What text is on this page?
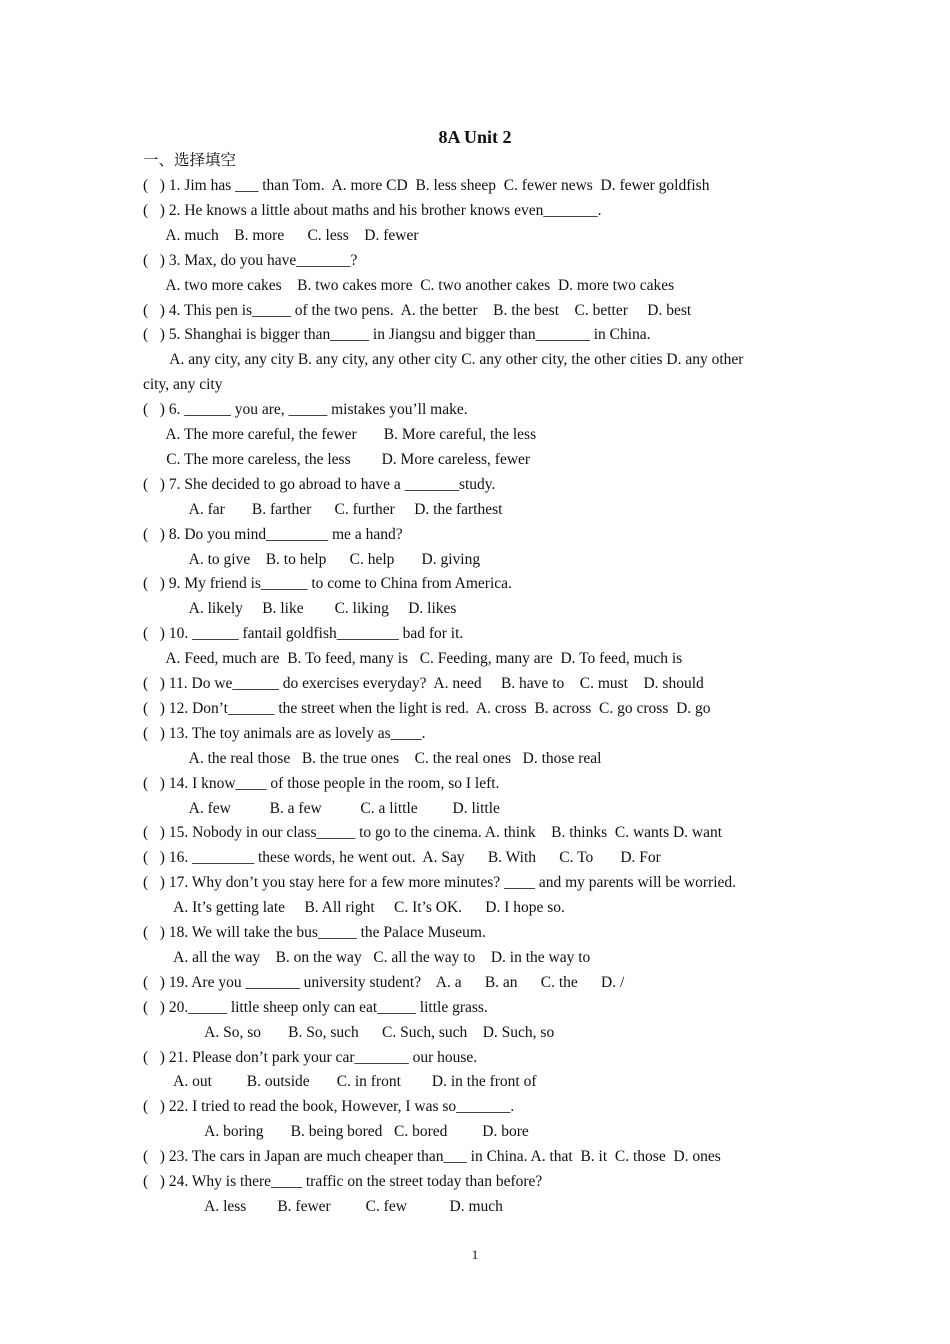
8A Unit 2
一、选择填空
(   ) 1. Jim has ___ than Tom.  A. more CD  B. less sheep  C. fewer news  D. fewer goldfish
(   ) 2. He knows a little about maths and his brother knows even_______.
A. much    B. more      C. less    D. fewer
(   ) 3. Max, do you have_______?
A. two more cakes    B. two cakes more  C. two another cakes  D. more two cakes
(   ) 4. This pen is_____ of the two pens.  A. the better    B. the best    C. better     D. best
(   ) 5. Shanghai is bigger than_____ in Jiangsu and bigger than_______ in China.
A. any city, any city B. any city, any other city C. any other city, the other cities D. any other
city, any city
(   ) 6. ______ you are, _____ mistakes you’ll make.
A. The more careful, the fewer       B. More careful, the less
C. The more careless, the less        D. More careless, fewer
(   ) 7. She decided to go abroad to have a _______study.
A. far       B. farther      C. further     D. the farthest
(   ) 8. Do you mind________ me a hand?
A. to give    B. to help      C. help       D. giving
(   ) 9. My friend is______ to come to China from America.
A. likely     B. like        C. liking     D. likes
(   ) 10. ______ fantail goldfish________ bad for it.
A. Feed, much are  B. To feed, many is   C. Feeding, many are  D. To feed, much is
(   ) 11. Do we______ do exercises everyday?  A. need     B. have to    C. must    D. should
(   ) 12. Don’t______ the street when the light is red.  A. cross  B. across  C. go cross  D. go
(   ) 13. The toy animals are as lovely as____.
A. the real those   B. the true ones    C. the real ones   D. those real
(   ) 14. I know____ of those people in the room, so I left.
A. few          B. a few          C. a little         D. little
(   ) 15. Nobody in our class_____ to go to the cinema. A. think    B. thinks  C. wants D. want
(   ) 16. ________ these words, he went out.  A. Say      B. With      C. To       D. For
(   ) 17. Why don’t you stay here for a few more minutes? ____ and my parents will be worried.
A. It’s getting late     B. All right     C. It’s OK.      D. I hope so.
(   ) 18. We will take the bus_____ the Palace Museum.
A. all the way    B. on the way   C. all the way to    D. in the way to
(   ) 19. Are you _______ university student?    A. a      B. an      C. the      D. /
(   ) 20._____ little sheep only can eat_____ little grass.
A. So, so       B. So, such      C. Such, such    D. Such, so
(   ) 21. Please don’t park your car_______ our house.
A. out         B. outside       C. in front        D. in the front of
(   ) 22. I tried to read the book, However, I was so_______.
A. boring       B. being bored   C. bored         D. bore
(   ) 23. The cars in Japan are much cheaper than___ in China. A. that  B. it  C. those  D. ones
(   ) 24. Why is there____ traffic on the street today than before?
A. less        B. fewer         C. few           D. much
1
